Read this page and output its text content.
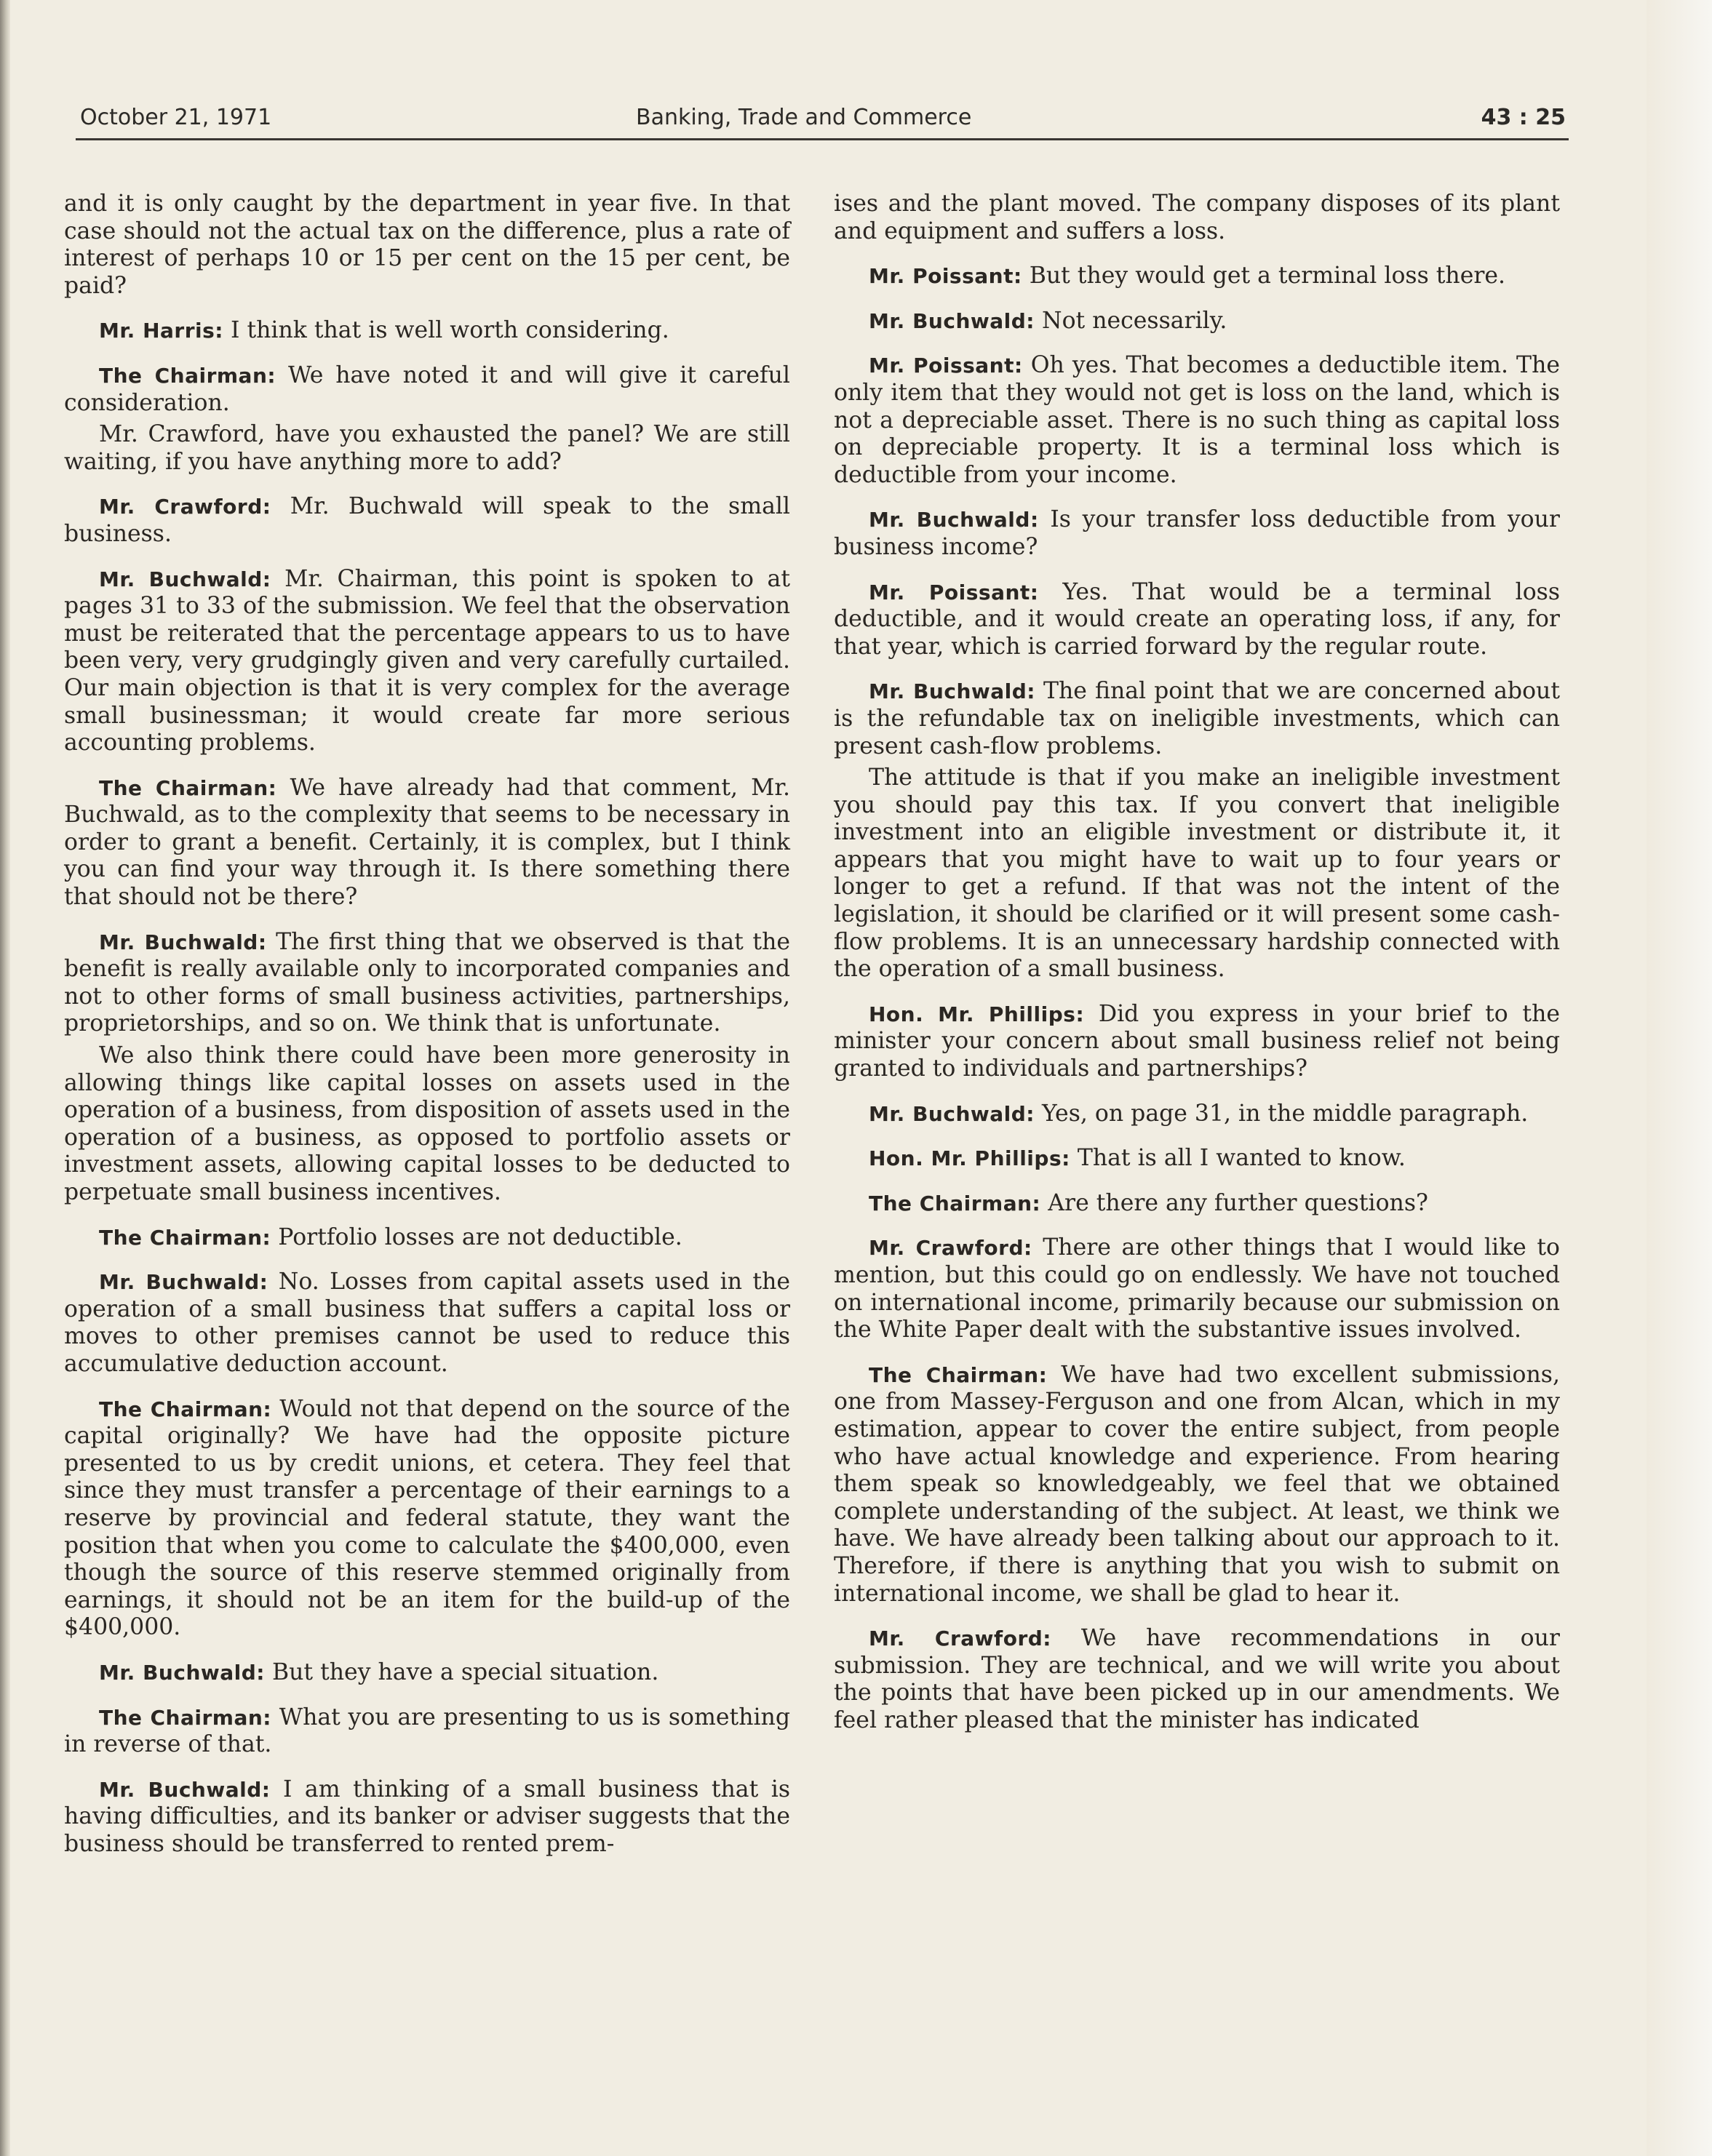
October 21, 1971	Banking, Trade and Commerce	43 : 25

and it is only caught by the department in year five. In that case should not the actual tax on the difference, plus a rate of interest of perhaps 10 or 15 per cent on the 15 per cent, be paid?

Mr. Harris: I think that is well worth considering.

The Chairman: We have noted it and will give it careful consideration.

Mr. Crawford, have you exhausted the panel? We are still waiting, if you have anything more to add?

Mr. Crawford: Mr. Buchwald will speak to the small business.

Mr. Buchwald: Mr. Chairman, this point is spoken to at pages 31 to 33 of the submission. We feel that the observation must be reiterated that the percentage appears to us to have been very, very grudgingly given and very carefully curtailed. Our main objection is that it is very complex for the average small businessman; it would create far more serious accounting problems.

The Chairman: We have already had that comment, Mr. Buchwald, as to the complexity that seems to be necessary in order to grant a benefit. Certainly, it is complex, but I think you can find your way through it. Is there something there that should not be there?

Mr. Buchwald: The first thing that we observed is that the benefit is really available only to incorporated companies and not to other forms of small business activities, partnerships, proprietorships, and so on. We think that is unfortunate.

We also think there could have been more generosity in allowing things like capital losses on assets used in the operation of a business, from disposition of assets used in the operation of a business, as opposed to portfolio assets or investment assets, allowing capital losses to be deducted to perpetuate small business incentives.

The Chairman: Portfolio losses are not deductible.

Mr. Buchwald: No. Losses from capital assets used in the operation of a small business that suffers a capital loss or moves to other premises cannot be used to reduce this accumulative deduction account.

The Chairman: Would not that depend on the source of the capital originally? We have had the opposite picture presented to us by credit unions, et cetera. They feel that since they must transfer a percentage of their earnings to a reserve by provincial and federal statute, they want the position that when you come to calculate the $400,000, even though the source of this reserve stemmed originally from earnings, it should not be an item for the build-up of the $400,000.

Mr. Buchwald: But they have a special situation.

The Chairman: What you are presenting to us is something in reverse of that.

Mr. Buchwald: I am thinking of a small business that is having difficulties, and its banker or adviser suggests that the business should be transferred to rented prem-

ises and the plant moved. The company disposes of its plant and equipment and suffers a loss.

Mr. Poissant: But they would get a terminal loss there.

Mr. Buchwald: Not necessarily.

Mr. Poissant: Oh yes. That becomes a deductible item. The only item that they would not get is loss on the land, which is not a depreciable asset. There is no such thing as capital loss on depreciable property. It is a terminal loss which is deductible from your income.

Mr. Buchwald: Is your transfer loss deductible from your business income?

Mr. Poissant: Yes. That would be a terminal loss deductible, and it would create an operating loss, if any, for that year, which is carried forward by the regular route.

Mr. Buchwald: The final point that we are concerned about is the refundable tax on ineligible investments, which can present cash-flow problems.

The attitude is that if you make an ineligible investment you should pay this tax. If you convert that ineligible investment into an eligible investment or distribute it, it appears that you might have to wait up to four years or longer to get a refund. If that was not the intent of the legislation, it should be clarified or it will present some cash-flow problems. It is an unnecessary hardship connected with the operation of a small business.

Hon. Mr. Phillips: Did you express in your brief to the minister your concern about small business relief not being granted to individuals and partnerships?

Mr. Buchwald: Yes, on page 31, in the middle paragraph.

Hon. Mr. Phillips: That is all I wanted to know.

The Chairman: Are there any further questions?

Mr. Crawford: There are other things that I would like to mention, but this could go on endlessly. We have not touched on international income, primarily because our submission on the White Paper dealt with the substantive issues involved.

The Chairman: We have had two excellent submissions, one from Massey-Ferguson and one from Alcan, which in my estimation, appear to cover the entire subject, from people who have actual knowledge and experience. From hearing them speak so knowledgeably, we feel that we obtained complete understanding of the subject. At least, we think we have. We have already been talking about our approach to it. Therefore, if there is anything that you wish to submit on international income, we shall be glad to hear it.

Mr. Crawford: We have recommendations in our submission. They are technical, and we will write you about the points that have been picked up in our amendments. We feel rather pleased that the minister has indicated
